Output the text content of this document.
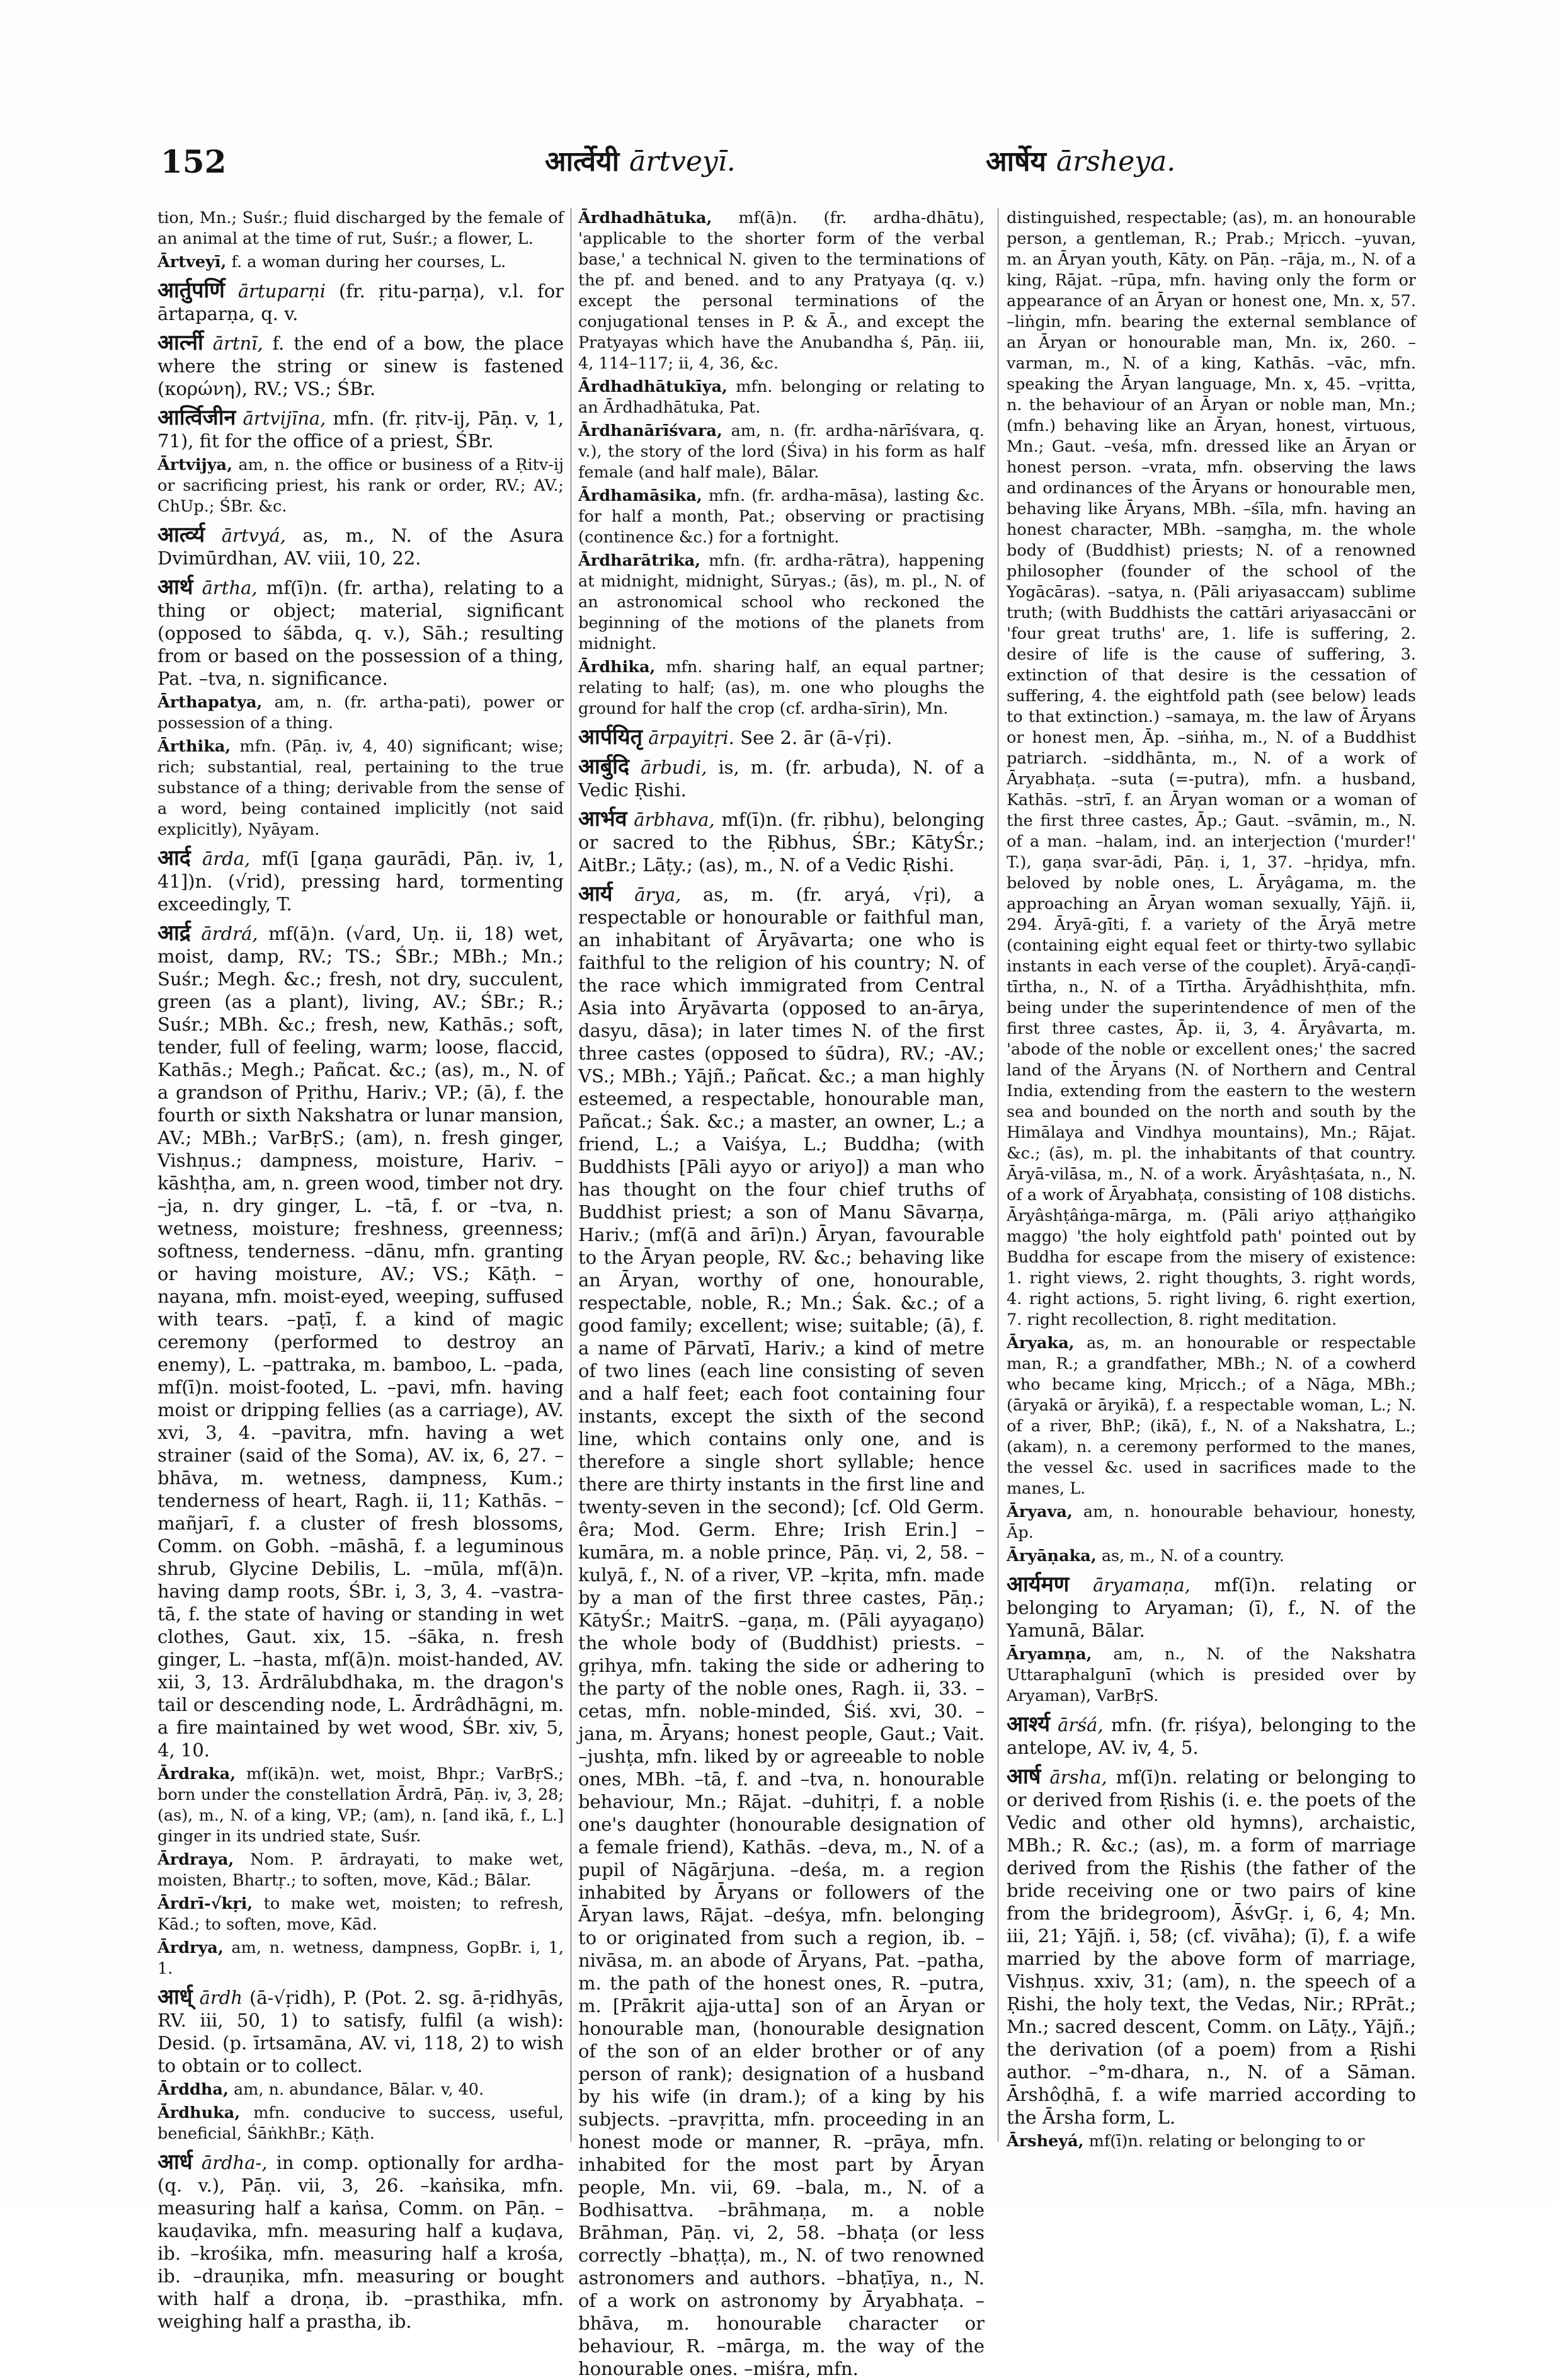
152	आर्त्वेयी ārtveyī.	आर्षेय ārsheya.

tion, Mn.; Suśr.; fluid discharged by the female of an animal at the time of rut, Suśr.; a flower, L.

Ārtveyī, f. a woman during her courses, L.

आर्तुपर्णि ārtuparṇi (fr. ṛitu-parṇa), v.l. for ārtaparṇa, q. v.

आर्त्नी ārtnī, f. the end of a bow, the place where the string or sinew is fastened (κορώνη), RV.; VS.; ŚBr.

आर्त्विजीन ārtvijīna, mfn. (fr. ṛitv-ij, Pāṇ. v, 1, 71), fit for the office of a priest, ŚBr.

Ārtvijya, am, n. the office or business of a Ṛitv-ij or sacrificing priest, his rank or order, RV.; AV.; ChUp.; ŚBr. &c.

आर्त्व्य ārtvyá, as, m., N. of the Asura Dvimūrdhan, AV. viii, 10, 22.

आर्थ ārtha, mf(ī)n. (fr. artha), relating to a thing or object; material, significant (opposed to śābda, q. v.), Sāh.; resulting from or based on the possession of a thing, Pat. –tva, n. significance.

Ārthapatya, am, n. (fr. artha-pati), power or possession of a thing.

Ārthika, mfn. (Pāṇ. iv, 4, 40) significant; wise; rich; substantial, real, pertaining to the true substance of a thing; derivable from the sense of a word, being contained implicitly (not said explicitly), Nyāyam.

आर्द ārda, mf(ī [gaṇa gaurādi, Pāṇ. iv, 1, 41])n. (√rid), pressing hard, tormenting exceedingly, T.

आर्द्र ārdrá, mf(ā)n. (√ard, Uṇ. ii, 18) wet, moist, damp, RV.; TS.; ŚBr.; MBh.; Mn.; Suśr.; Megh. &c.; fresh, not dry, succulent, green (as a plant), living, AV.; ŚBr.; R.; Suśr.; MBh. &c.; fresh, new, Kathās.; soft, tender, full of feeling, warm; loose, flaccid, Kathās.; Megh.; Pañcat. &c.; (as), m., N. of a grandson of Pṛithu, Hariv.; VP.; (ā), f. the fourth or sixth Nakshatra or lunar mansion, AV.; MBh.; VarBṛS.; (am), n. fresh ginger, Vishṇus.; dampness, moisture, Hariv. –kāshṭha, am, n. green wood, timber not dry. –ja, n. dry ginger, L. –tā, f. or –tva, n. wetness, moisture; freshness, greenness; softness, tenderness. –dānu, mfn. granting or having moisture, AV.; VS.; Kāṭh. –nayana, mfn. moist-eyed, weeping, suffused with tears. –paṭī, f. a kind of magic ceremony (performed to destroy an enemy), L. –pattraka, m. bamboo, L. –pada, mf(ī)n. moist-footed, L. –pavi, mfn. having moist or dripping fellies (as a carriage), AV. xvi, 3, 4. –pavitra, mfn. having a wet strainer (said of the Soma), AV. ix, 6, 27. –bhāva, m. wetness, dampness, Kum.; tenderness of heart, Ragh. ii, 11; Kathās. –mañjarī, f. a cluster of fresh blossoms, Comm. on Gobh. –māshā, f. a leguminous shrub, Glycine Debilis, L. –mūla, mf(ā)n. having damp roots, ŚBr. i, 3, 3, 4. –vastra-tā, f. the state of having or standing in wet clothes, Gaut. xix, 15. –śāka, n. fresh ginger, L. –hasta, mf(ā)n. moist-handed, AV. xii, 3, 13. Ārdrālubdhaka, m. the dragon's tail or descending node, L. Ārdrâdhāgni, m. a fire maintained by wet wood, ŚBr. xiv, 5, 4, 10.

Ārdraka, mf(ikā)n. wet, moist, Bhpr.; VarBṛS.; born under the constellation Ārdrā, Pāṇ. iv, 3, 28; (as), m., N. of a king, VP.; (am), n. [and ikā, f., L.] ginger in its undried state, Suśr.

Ārdraya, Nom. P. ārdrayati, to make wet, moisten, Bhartṛ.; to soften, move, Kād.; Bālar.

Ārdrī-√kṛi, to make wet, moisten; to refresh, Kād.; to soften, move, Kād.

Ārdrya, am, n. wetness, dampness, GopBr. i, 1, 1.

आर्ध् ārdh (ā-√ṛidh), P. (Pot. 2. sg. ā-ṛidhyās, RV. iii, 50, 1) to satisfy, fulfil (a wish): Desid. (p. īrtsamāna, AV. vi, 118, 2) to wish to obtain or to collect.

Ārddha, am, n. abundance, Bālar. v, 40.

Ārdhuka, mfn. conducive to success, useful, beneficial, ŚāṅkhBr.; Kāṭh.

आर्ध ārdha-, in comp. optionally for ardha- (q. v.), Pāṇ. vii, 3, 26. –kaṅsika, mfn. measuring half a kaṅsa, Comm. on Pāṇ. –kauḍavika, mfn. measuring half a kuḍava, ib. –krośika, mfn. measuring half a krośa, ib. –drauṇika, mfn. measuring or bought with half a droṇa, ib. –prasthika, mfn. weighing half a prastha, ib.

Ārdhadhātuka, mf(ā)n. (fr. ardha-dhātu), 'applicable to the shorter form of the verbal base,' a technical N. given to the terminations of the pf. and bened. and to any Pratyaya (q. v.) except the personal terminations of the conjugational tenses in P. & Ā., and except the Pratyayas which have the Anubandha ś, Pāṇ. iii, 4, 114–117; ii, 4, 36, &c.

Ārdhadhātukīya, mfn. belonging or relating to an Ārdhadhātuka, Pat.

Ārdhanārīśvara, am, n. (fr. ardha-nārīśvara, q. v.), the story of the lord (Śiva) in his form as half female (and half male), Bālar.

Ārdhamāsika, mfn. (fr. ardha-māsa), lasting &c. for half a month, Pat.; observing or practising (continence &c.) for a fortnight.

Ārdharātrika, mfn. (fr. ardha-rātra), happening at midnight, midnight, Sūryas.; (ās), m. pl., N. of an astronomical school who reckoned the beginning of the motions of the planets from midnight.

Ārdhika, mfn. sharing half, an equal partner; relating to half; (as), m. one who ploughs the ground for half the crop (cf. ardha-sīrin), Mn.

आर्पयितृ ārpayitṛi. See 2. ār (ā-√ṛi).

आर्बुदि ārbudi, is, m. (fr. arbuda), N. of a Vedic Ṛishi.

आर्भव ārbhava, mf(ī)n. (fr. ṛibhu), belonging or sacred to the Ṛibhus, ŚBr.; KātyŚr.; AitBr.; Lāṭy.; (as), m., N. of a Vedic Ṛishi.

आर्य ārya, as, m. (fr. aryá, √ṛi), a respectable or honourable or faithful man, an inhabitant of Āryāvarta; one who is faithful to the religion of his country; N. of the race which immigrated from Central Asia into Āryāvarta (opposed to an-ārya, dasyu, dāsa); in later times N. of the first three castes (opposed to śūdra), RV.; -AV.; VS.; MBh.; Yājñ.; Pañcat. &c.; a man highly esteemed, a respectable, honourable man, Pañcat.; Śak. &c.; a master, an owner, L.; a friend, L.; a Vaiśya, L.; Buddha; (with Buddhists [Pāli ayyo or ariyo]) a man who has thought on the four chief truths of Buddhist priest; a son of Manu Sāvarṇa, Hariv.; (mf(ā and ārī)n.) Āryan, favourable to the Āryan people, RV. &c.; behaving like an Āryan, worthy of one, honourable, respectable, noble, R.; Mn.; Śak. &c.; of a good family; excellent; wise; suitable; (ā), f. a name of Pārvatī, Hariv.; a kind of metre of two lines (each line consisting of seven and a half feet; each foot containing four instants, except the sixth of the second line, which contains only one, and is therefore a single short syllable; hence there are thirty instants in the first line and twenty-seven in the second); [cf. Old Germ. êra; Mod. Germ. Ehre; Irish Erin.] –kumāra, m. a noble prince, Pāṇ. vi, 2, 58. –kulyā, f., N. of a river, VP. –kṛita, mfn. made by a man of the first three castes, Pāṇ.; KātyŚr.; MaitrS. –gaṇa, m. (Pāli ayyagaṇo) the whole body of (Buddhist) priests. –gṛihya, mfn. taking the side or adhering to the party of the noble ones, Ragh. ii, 33. –cetas, mfn. noble-minded, Śiś. xvi, 30. –jana, m. Āryans; honest people, Gaut.; Vait. –jushṭa, mfn. liked by or agreeable to noble ones, MBh. –tā, f. and –tva, n. honourable behaviour, Mn.; Rājat. –duhitṛi, f. a noble one's daughter (honourable designation of a female friend), Kathās. –deva, m., N. of a pupil of Nāgārjuna. –deśa, m. a region inhabited by Āryans or followers of the Āryan laws, Rājat. –deśya, mfn. belonging to or originated from such a region, ib. –nivāsa, m. an abode of Āryans, Pat. –patha, m. the path of the honest ones, R. –putra, m. [Prākrit ajja-utta] son of an Āryan or honourable man, (honourable designation of the son of an elder brother or of any person of rank); designation of a husband by his wife (in dram.); of a king by his subjects. –pravṛitta, mfn. proceeding in an honest mode or manner, R. –prāya, mfn. inhabited for the most part by Āryan people, Mn. vii, 69. –bala, m., N. of a Bodhisattva. –brāhmaṇa, m. a noble Brāhman, Pāṇ. vi, 2, 58. –bhaṭa (or less correctly –bhaṭṭa), m., N. of two renowned astronomers and authors. –bhaṭīya, n., N. of a work on astronomy by Āryabhaṭa. –bhāva, m. honourable character or behaviour, R. –mārga, m. the way of the honourable ones. –miśra, mfn.

distinguished, respectable; (as), m. an honourable person, a gentleman, R.; Prab.; Mṛicch. –yuvan, m. an Āryan youth, Kāty. on Pāṇ. –rāja, m., N. of a king, Rājat. –rūpa, mfn. having only the form or appearance of an Āryan or honest one, Mn. x, 57. –liṅgin, mfn. bearing the external semblance of an Āryan or honourable man, Mn. ix, 260. –varman, m., N. of a king, Kathās. –vāc, mfn. speaking the Āryan language, Mn. x, 45. –vṛitta, n. the behaviour of an Āryan or noble man, Mn.; (mfn.) behaving like an Āryan, honest, virtuous, Mn.; Gaut. –veśa, mfn. dressed like an Āryan or honest person. –vrata, mfn. observing the laws and ordinances of the Āryans or honourable men, behaving like Āryans, MBh. –śīla, mfn. having an honest character, MBh. –saṃgha, m. the whole body of (Buddhist) priests; N. of a renowned philosopher (founder of the school of the Yogācāras). –satya, n. (Pāli ariyasaccam) sublime truth; (with Buddhists the cattāri ariyasaccāni or 'four great truths' are, 1. life is suffering, 2. desire of life is the cause of suffering, 3. extinction of that desire is the cessation of suffering, 4. the eightfold path (see below) leads to that extinction.) –samaya, m. the law of Āryans or honest men, Āp. –siṅha, m., N. of a Buddhist patriarch. –siddhānta, m., N. of a work of Āryabhaṭa. –suta (=-putra), mfn. a husband, Kathās. –strī, f. an Āryan woman or a woman of the first three castes, Āp.; Gaut. –svāmin, m., N. of a man. –halam, ind. an interjection ('murder!' T.), gaṇa svar-ādi, Pāṇ. i, 1, 37. –hṛidya, mfn. beloved by noble ones, L. Āryâgama, m. the approaching an Āryan woman sexually, Yājñ. ii, 294. Āryā-gīti, f. a variety of the Āryā metre (containing eight equal feet or thirty-two syllabic instants in each verse of the couplet). Āryā-caṇḍī-tīrtha, n., N. of a Tīrtha. Āryâdhishṭhita, mfn. being under the superintendence of men of the first three castes, Āp. ii, 3, 4. Āryâvarta, m. 'abode of the noble or excellent ones;' the sacred land of the Āryans (N. of Northern and Central India, extending from the eastern to the western sea and bounded on the north and south by the Himālaya and Vindhya mountains), Mn.; Rājat. &c.; (ās), m. pl. the inhabitants of that country. Āryā-vilāsa, m., N. of a work. Āryâshṭaśata, n., N. of a work of Āryabhaṭa, consisting of 108 distichs. Āryâshṭâṅga-mārga, m. (Pāli ariyo aṭṭhaṅgiko maggo) 'the holy eightfold path' pointed out by Buddha for escape from the misery of existence: 1. right views, 2. right thoughts, 3. right words, 4. right actions, 5. right living, 6. right exertion, 7. right recollection, 8. right meditation.

Āryaka, as, m. an honourable or respectable man, R.; a grandfather, MBh.; N. of a cowherd who became king, Mṛicch.; of a Nāga, MBh.; (āryakā or āryikā), f. a respectable woman, L.; N. of a river, BhP.; (ikā), f., N. of a Nakshatra, L.; (akam), n. a ceremony performed to the manes, the vessel &c. used in sacrifices made to the manes, L.

Āryava, am, n. honourable behaviour, honesty, Āp.

Āryāṇaka, as, m., N. of a country.

आर्यमण āryamaṇa, mf(ī)n. relating or belonging to Aryaman; (ī), f., N. of the Yamunā, Bālar.

Āryamṇa, am, n., N. of the Nakshatra Uttaraphalgunī (which is presided over by Aryaman), VarBṛS.

आर्श्य ārśá, mfn. (fr. ṛiśya), belonging to the antelope, AV. iv, 4, 5.

आर्ष ārsha, mf(ī)n. relating or belonging to or derived from Ṛishis (i. e. the poets of the Vedic and other old hymns), archaistic, MBh.; R. &c.; (as), m. a form of marriage derived from the Ṛishis (the father of the bride receiving one or two pairs of kine from the bridegroom), ĀśvGṛ. i, 6, 4; Mn. iii, 21; Yājñ. i, 58; (cf. vivāha); (ī), f. a wife married by the above form of marriage, Vishṇus. xxiv, 31; (am), n. the speech of a Ṛishi, the holy text, the Vedas, Nir.; RPrāt.; Mn.; sacred descent, Comm. on Lāṭy., Yājñ.; the derivation (of a poem) from a Ṛishi author. –°m-dhara, n., N. of a Sāman. Ārshôḍhā, f. a wife married according to the Ārsha form, L.

Ārsheyá, mf(ī)n. relating or belonging to or
